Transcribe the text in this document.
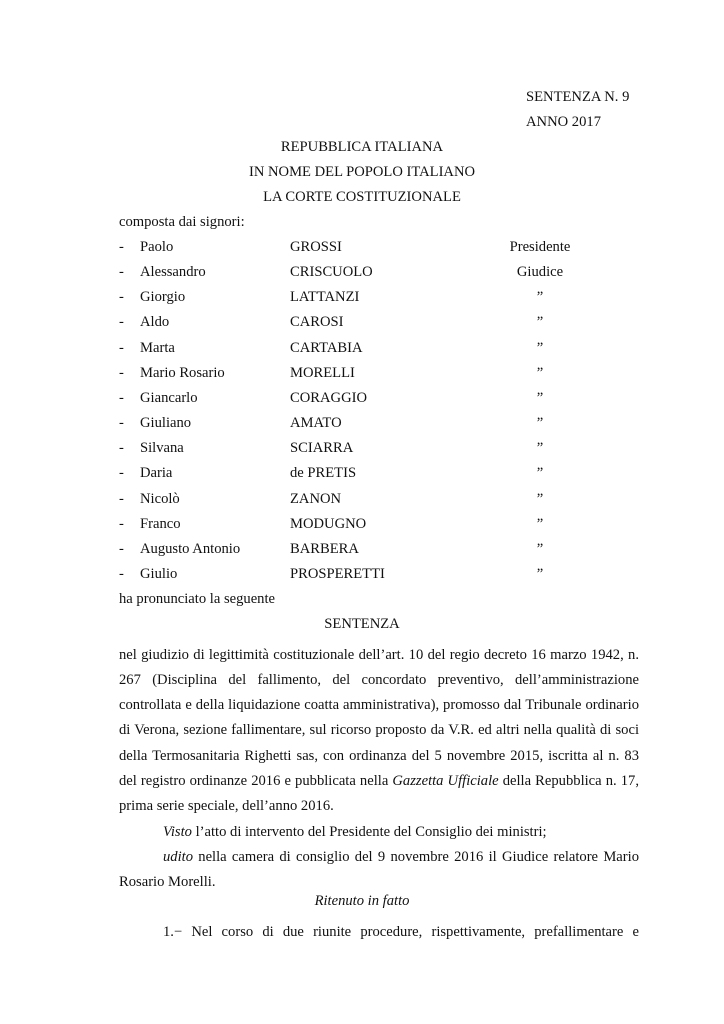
SENTENZA N. 9
ANNO 2017
REPUBBLICA ITALIANA
IN NOME DEL POPOLO ITALIANO
LA CORTE COSTITUZIONALE
composta dai signori:
- Paolo	GROSSI	Presidente
- Alessandro	CRISCUOLO	Giudice
- Giorgio	LATTANZI	”
- Aldo	CAROSI	”
- Marta	CARTABIA	”
- Mario Rosario	MORELLI	”
- Giancarlo	CORAGGIO	”
- Giuliano	AMATO	”
- Silvana	SCIARRA	”
- Daria	de PRETIS	”
- Nicolò	ZANON	”
- Franco	MODUGNO	”
- Augusto Antonio	BARBERA	”
- Giulio	PROSPERETTI	”
ha pronunciato la seguente
SENTENZA

nel giudizio di legittimità costituzionale dell’art. 10 del regio decreto 16 marzo 1942, n. 267 (Disciplina del fallimento, del concordato preventivo, dell’amministrazione controllata e della liquidazione coatta amministrativa), promosso dal Tribunale ordinario di Verona, sezione fallimentare, sul ricorso proposto da V.R. ed altri nella qualità di soci della Termosanitaria Righetti sas, con ordinanza del 5 novembre 2015, iscritta al n. 83 del registro ordinanze 2016 e pubblicata nella Gazzetta Ufficiale della Repubblica n. 17, prima serie speciale, dell’anno 2016.

Visto l’atto di intervento del Presidente del Consiglio dei ministri;

udito nella camera di consiglio del 9 novembre 2016 il Giudice relatore Mario Rosario Morelli.

Ritenuto in fatto

1.− Nel corso di due riunite procedure, rispettivamente, prefallimentare e
